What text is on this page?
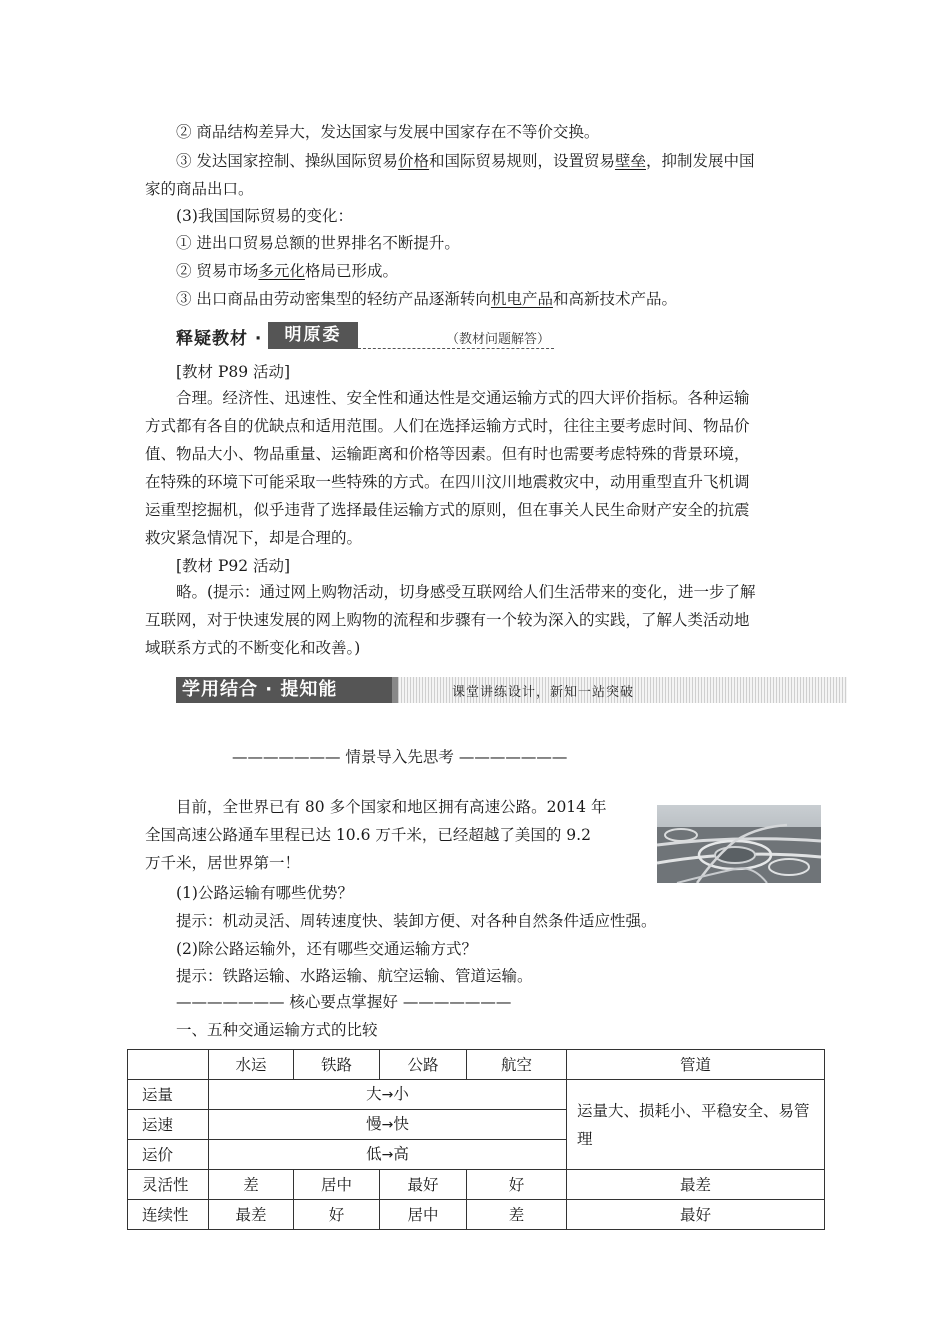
② 商品结构差异大，发达国家与发展中国家存在不等价交换。
③ 发达国家控制、操纵国际贸易价格和国际贸易规则，设置贸易壁垒，抑制发展中国
家的商品出口。
(3)我国国际贸易的变化：
① 进出口贸易总额的世界排名不断提升。
② 贸易市场多元化格局已形成。
③ 出口商品由劳动密集型的轻纺产品逐渐转向机电产品和高新技术产品。
释疑教材 ·	明原委	（教材问题解答）
[教材 P89 活动]
合理。经济性、迅速性、安全性和通达性是交通运输方式的四大评价指标。各种运输
方式都有各自的优缺点和适用范围。人们在选择运输方式时，往往主要考虑时间、物品价
值、物品大小、物品重量、运输距离和价格等因素。但有时也需要考虑特殊的背景环境，
在特殊的环境下可能采取一些特殊的方式。在四川汶川地震救灾中，动用重型直升飞机调
运重型挖掘机，似乎违背了选择最佳运输方式的原则，但在事关人民生命财产安全的抗震
救灾紧急情况下，却是合理的。
[教材 P92 活动]
略。(提示：通过网上购物活动，切身感受互联网给人们生活带来的变化，进一步了解
互联网，对于快速发展的网上购物的流程和步骤有一个较为深入的实践，了解人类活动地
域联系方式的不断变化和改善。)
学用结合 · 提知能	课堂讲练设计，新知一站突破
——————— 情景导入先思考 ———————
目前，全世界已有 80 多个国家和地区拥有高速公路。2014 年
全国高速公路通车里程已达 10.6 万千米，已经超越了美国的 9.2
万千米，居世界第一！
(1)公路运输有哪些优势？
提示：机动灵活、周转速度快、装卸方便、对各种自然条件适应性强。
(2)除公路运输外，还有哪些交通运输方式？
提示：铁路运输、水路运输、航空运输、管道运输。
——————— 核心要点掌握好 ———————
一、五种交通运输方式的比较
	水运	铁路	公路	航空	管道
运量	大→小				运量大、损耗小、平稳安全、易管理
运速	慢→快				
运价	低→高				
灵活性	差	居中	最好	好	最差
连续性	最差	好	居中	差	最好
